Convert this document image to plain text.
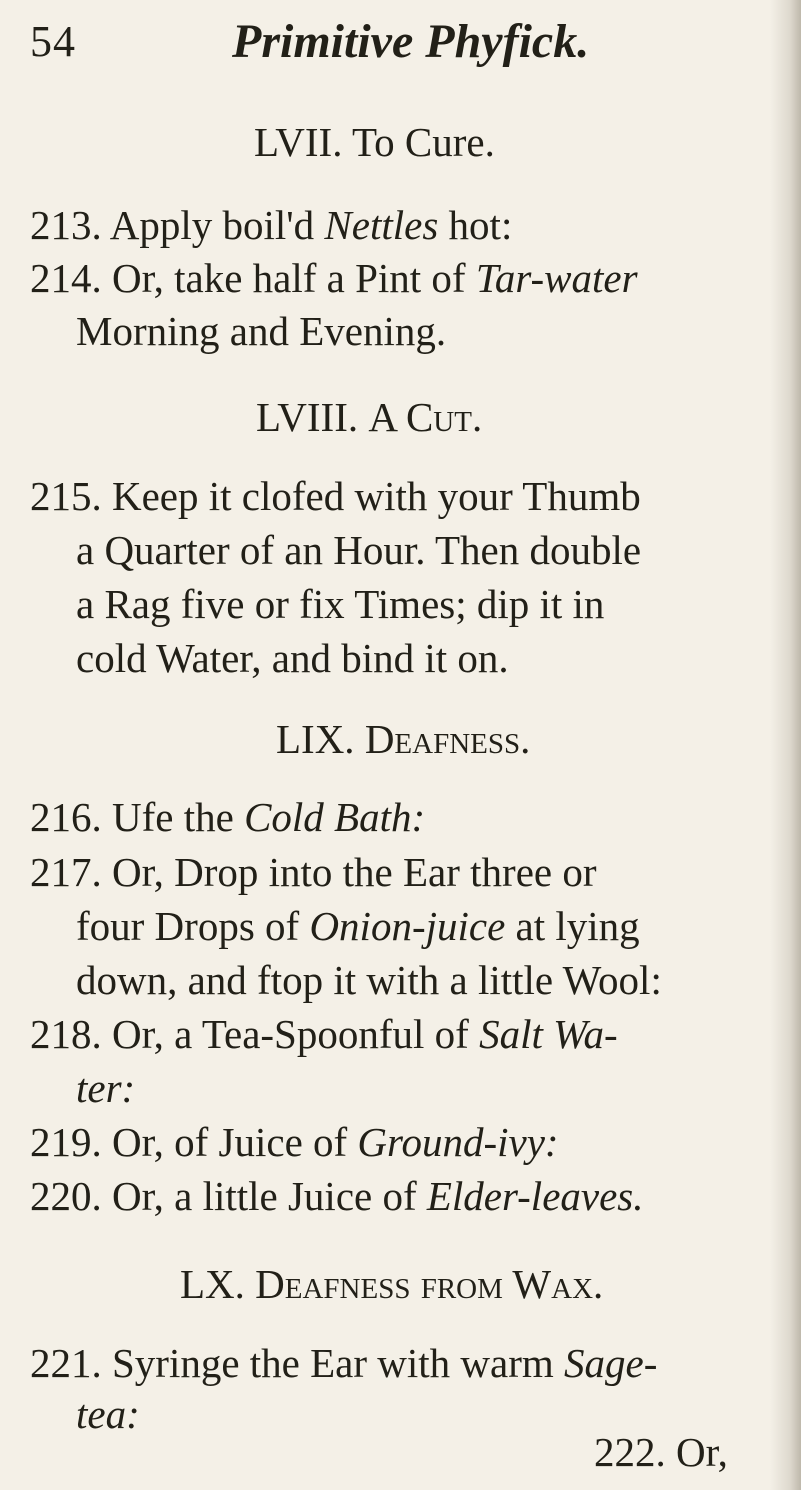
54	Primitive Phyfick.
LVII. To Cure.
213. Apply boil'd Nettles hot:
214. Or, take half a Pint of Tar-water
Morning and Evening.
LVIII. A Cut.
215. Keep it clofed with your Thumb
a Quarter of an Hour. Then double
a Rag five or fix Times; dip it in
cold Water, and bind it on.
LIX. Deafness.
216. Ufe the Cold Bath:
217. Or, Drop into the Ear three or
four Drops of Onion-juice at lying
down, and ftop it with a little Wool:
218. Or, a Tea-Spoonful of Salt Wa-
ter:
219. Or, of Juice of Ground-ivy:
220. Or, a little Juice of Elder-leaves.
LX. Deafness from Wax.
221. Syringe the Ear with warm Sage-
tea:
222. Or,
